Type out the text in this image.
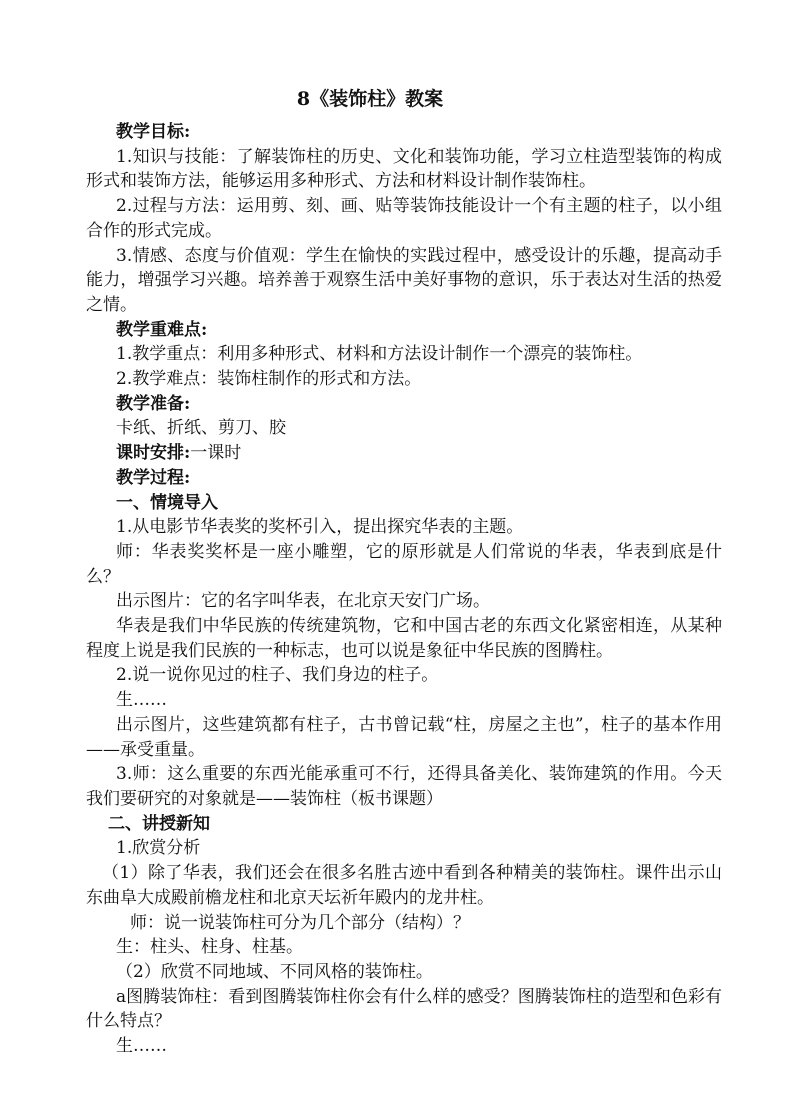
8《装饰柱》教案

教学目标:

1.知识与技能：了解装饰柱的历史、文化和装饰功能，学习立柱造型装饰的构成形式和装饰方法，能够运用多种形式、方法和材料设计制作装饰柱。

2.过程与方法：运用剪、刻、画、贴等装饰技能设计一个有主题的柱子，以小组合作的形式完成。

3.情感、态度与价值观：学生在愉快的实践过程中，感受设计的乐趣，提高动手能力，增强学习兴趣。培养善于观察生活中美好事物的意识，乐于表达对生活的热爱之情。

教学重难点:

1.教学重点：利用多种形式、材料和方法设计制作一个漂亮的装饰柱。

2.教学难点：装饰柱制作的形式和方法。

教学准备:

卡纸、折纸、剪刀、胶

课时安排:一课时

教学过程:

一、情境导入

1.从电影节华表奖的奖杯引入，提出探究华表的主题。

师：华表奖奖杯是一座小雕塑，它的原形就是人们常说的华表，华表到底是什么？

出示图片：它的名字叫华表，在北京天安门广场。

华表是我们中华民族的传统建筑物，它和中国古老的东西文化紧密相连，从某种程度上说是我们民族的一种标志，也可以说是象征中华民族的图腾柱。

2.说一说你见过的柱子、我们身边的柱子。

生……

出示图片，这些建筑都有柱子，古书曾记载“柱，房屋之主也”，柱子的基本作用——承受重量。

3.师：这么重要的东西光能承重可不行，还得具备美化、装饰建筑的作用。今天我们要研究的对象就是——装饰柱（板书课题）

二、讲授新知

1.欣赏分析

（1）除了华表，我们还会在很多名胜古迹中看到各种精美的装饰柱。课件出示山东曲阜大成殿前檐龙柱和北京天坛祈年殿内的龙井柱。

师：说一说装饰柱可分为几个部分（结构）？

生：柱头、柱身、柱基。

（2）欣赏不同地域、不同风格的装饰柱。

a图腾装饰柱：看到图腾装饰柱你会有什么样的感受？图腾装饰柱的造型和色彩有什么特点？

生……
